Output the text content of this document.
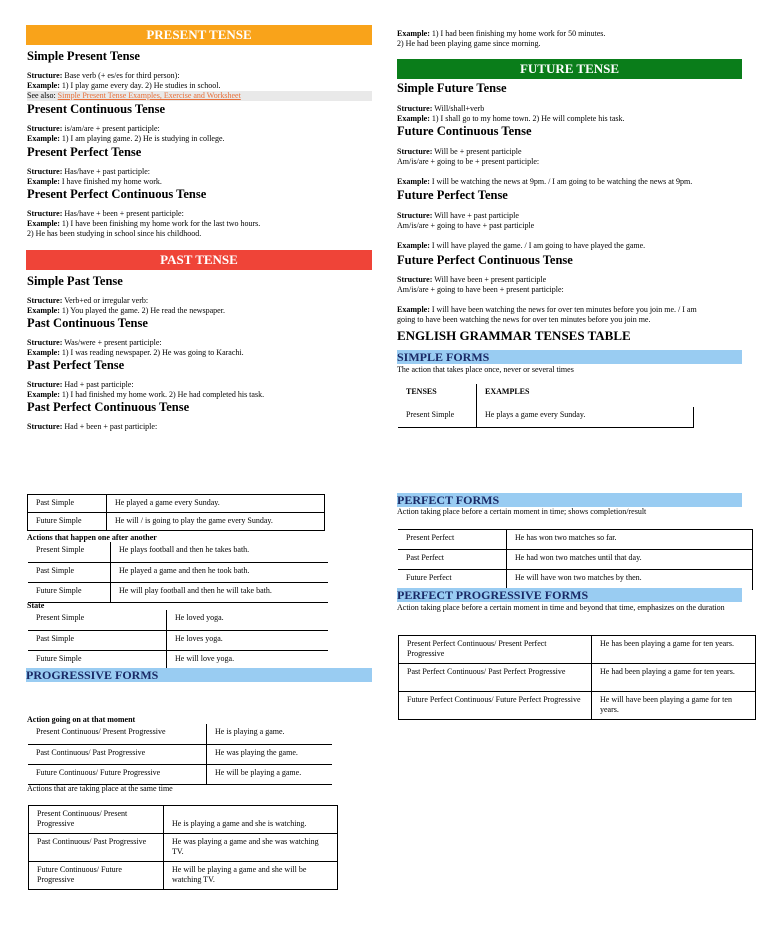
PRESENT TENSE
Simple Present Tense
Structure: Base verb (+ es/es for third person):
Example: 1) I play game every day. 2) He studies in school.

See also: Simple Present Tense Examples, Exercise and Worksheet
Present Continuous Tense
Structure: is/am/are + present participle:
Example: 1) I am playing game. 2) He is studying in college.
Present Perfect Tense
Structure: Has/have + past participle:
Example: I have finished my home work.
Present Perfect Continuous Tense
Structure: Has/have + been + present participle:
Example: 1) I have been finishing my home work for the last two hours.
2) He has been studying in school since his childhood.
PAST TENSE
Simple Past Tense
Structure: Verb+ed or irregular verb:
Example: 1) You played the game. 2) He read the newspaper.
Past Continuous Tense
Structure: Was/were + present participle:
Example: 1) I was reading newspaper. 2) He was going to Karachi.
Past Perfect Tense
Structure: Had + past participle:
Example: 1) I had finished my home work. 2) He had completed his task.
Past Perfect Continuous Tense
Structure: Had + been + past participle:
Example: 1) I had been finishing my home work for 50 minutes.
2) He had been playing game since morning.
FUTURE TENSE
Simple Future Tense
Structure: Will/shall+verb
Example: 1) I shall go to my home town. 2) He will complete his task.
Future Continuous Tense
Structure: Will be + present participle
Am/is/are + going to be + present participle:

Example: I will be watching the news at 9pm. / I am going to be watching the news at 9pm.
Future Perfect Tense
Structure: Will have + past participle
Am/is/are + going to have + past participle

Example: I will have played the game. / I am going to have played the game.
Future Perfect Continuous Tense
Structure: Will have been + present participle
Am/is/are + going to have been + present participle:

Example: I will have been watching the news for over ten minutes before you join me. / I am
going to have been watching the news for over ten minutes before you join me.
ENGLISH GRAMMAR TENSES TABLE
SIMPLE FORMS
The action that takes place once, never or several times
TENSES	EXAMPLES
Present Simple	He plays a game every Sunday.
Past Simple	He played a game every Sunday.
Future Simple	He will / is going to play the game every Sunday.
Actions that happen one after another
Present Simple	He plays football and then he takes bath.
Past Simple	He played a game and then he took bath.
Future Simple	He will play football and then he will take bath.
State
Present Simple	He loved yoga.
Past Simple	He loves yoga.
Future Simple	He will love yoga.
PROGRESSIVE FORMS
Action going on at that moment
Present Continuous/ Present Progressive	He is playing a game.
Past Continuous/ Past Progressive	He was playing the game.
Future Continuous/ Future Progressive	He will be playing a game.
Actions that are taking place at the same time
Present Continuous/ Present Progressive	He is playing a game and she is watching.
Past Continuous/ Past Progressive	He was playing a game and she was watching TV.
Future Continuous/ Future Progressive	He will be playing a game and she will be watching TV.
PERFECT FORMS
Action taking place before a certain moment in time; shows completion/result
Present Perfect	He has won two matches so far.
Past Perfect	He had won two matches until that day.
Future Perfect	He will have won two matches by then.
PERFECT PROGRESSIVE FORMS
Action taking place before a certain moment in time and beyond that time, emphasizes on the duration
Present Perfect Continuous/ Present Perfect Progressive	He has been playing a game for ten years.
Past Perfect Continuous/ Past Perfect Progressive	He had been playing a game for ten years.
Future Perfect Continuous/ Future Perfect Progressive	He will have been playing a game for ten years.
